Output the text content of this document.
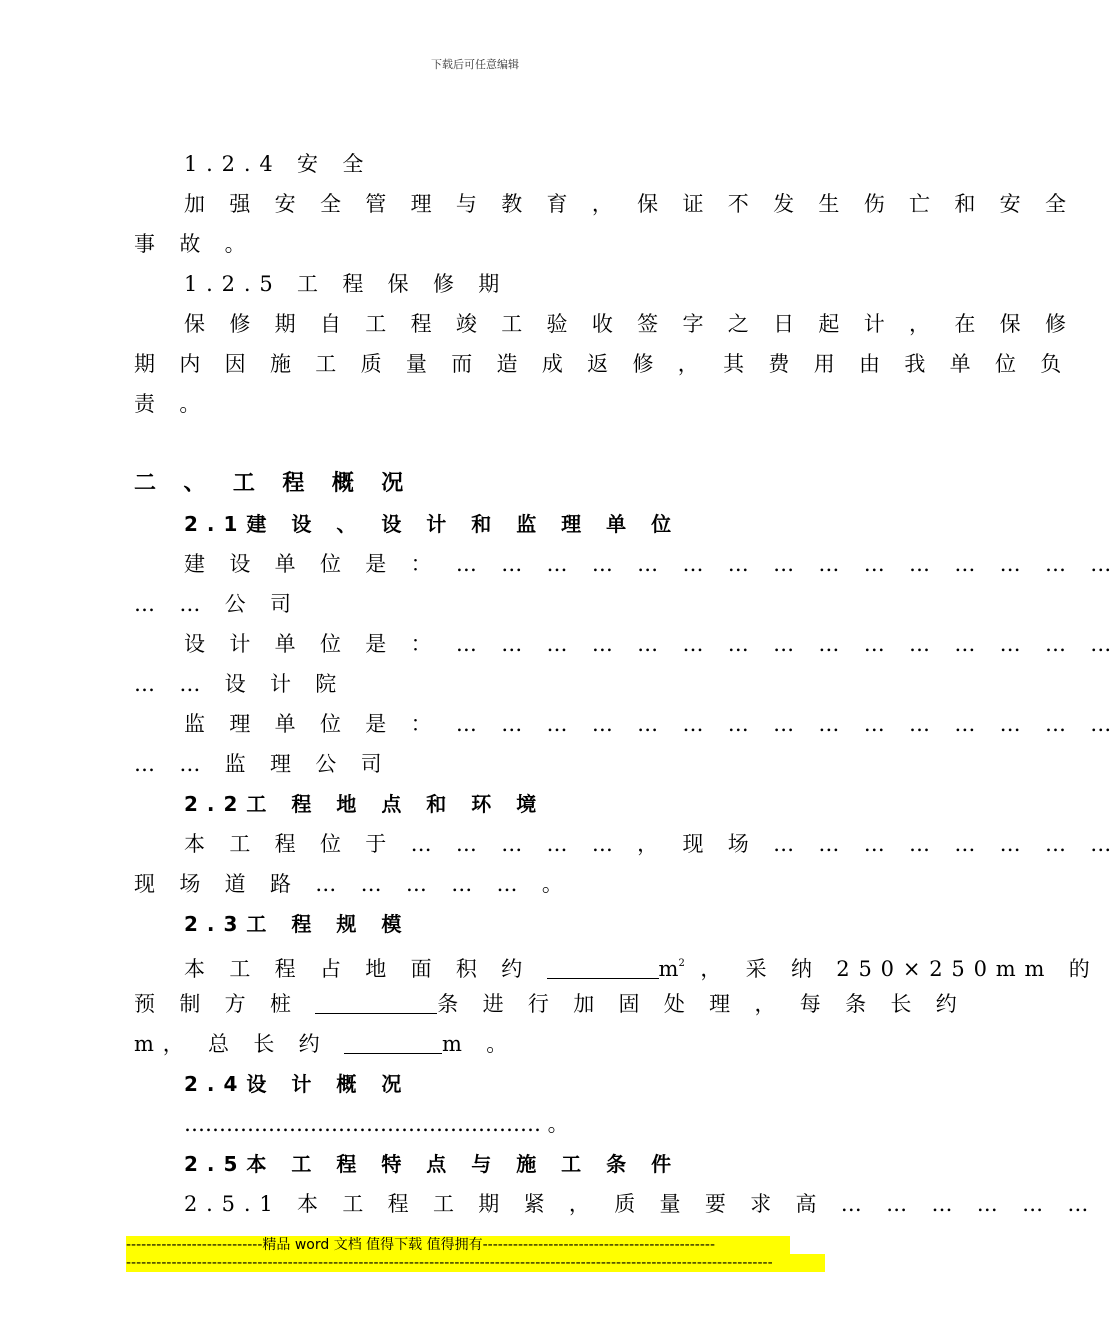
下载后可任意编辑
1.2.4 安 全
加 强 安 全 管 理 与 教 育 ， 保 证 不 发 生 伤 亡 和 安 全
事 故 。
1.2.5 工 程 保 修 期
保 修 期 自 工 程 竣 工 验 收 签 字 之 日 起 计 ， 在 保 修
期 内 因 施 工 质 量 而 造 成 返 修 ， 其 费 用 由 我 单 位 负
责 。
二 、 工 程 概 况
2.1建 设 、 设 计 和 监 理 单 位
建 设 单 位 是 ： … … … … … … … … … … … … … … …
… … 公 司
设 计 单 位 是 ： … … … … … … … … … … … … … … …
… … 设 计 院
监 理 单 位 是 ： … … … … … … … … … … … … … … …
… … 监 理 公 司
2.2工 程 地 点 和 环 境
本 工 程 位 于 … … … … … ， 现 场 … … … … … … … …
现 场 道 路 … … … … … 。
2.3工 程 规 模
本 工 程 占 地 面 积 约	$m^2$ ， 采 纳 250×250mm 的
预 制 方 桩	条 进 行 加 固 处 理 ， 每 条 长 约
m， 总 长 约	m 。
2.4设 计 概 况
…………………………………………… 。
2.5本 工 程 特 点 与 施 工 条 件
2.5.1 本 工 程 工 期 紧 ， 质 量 要 求 高 … … … … … …
---------------------------精品 word 文档 值得下载 值得拥有----------------------------------------------
--------------------------------------------------------------------------------------------------------------------------------
